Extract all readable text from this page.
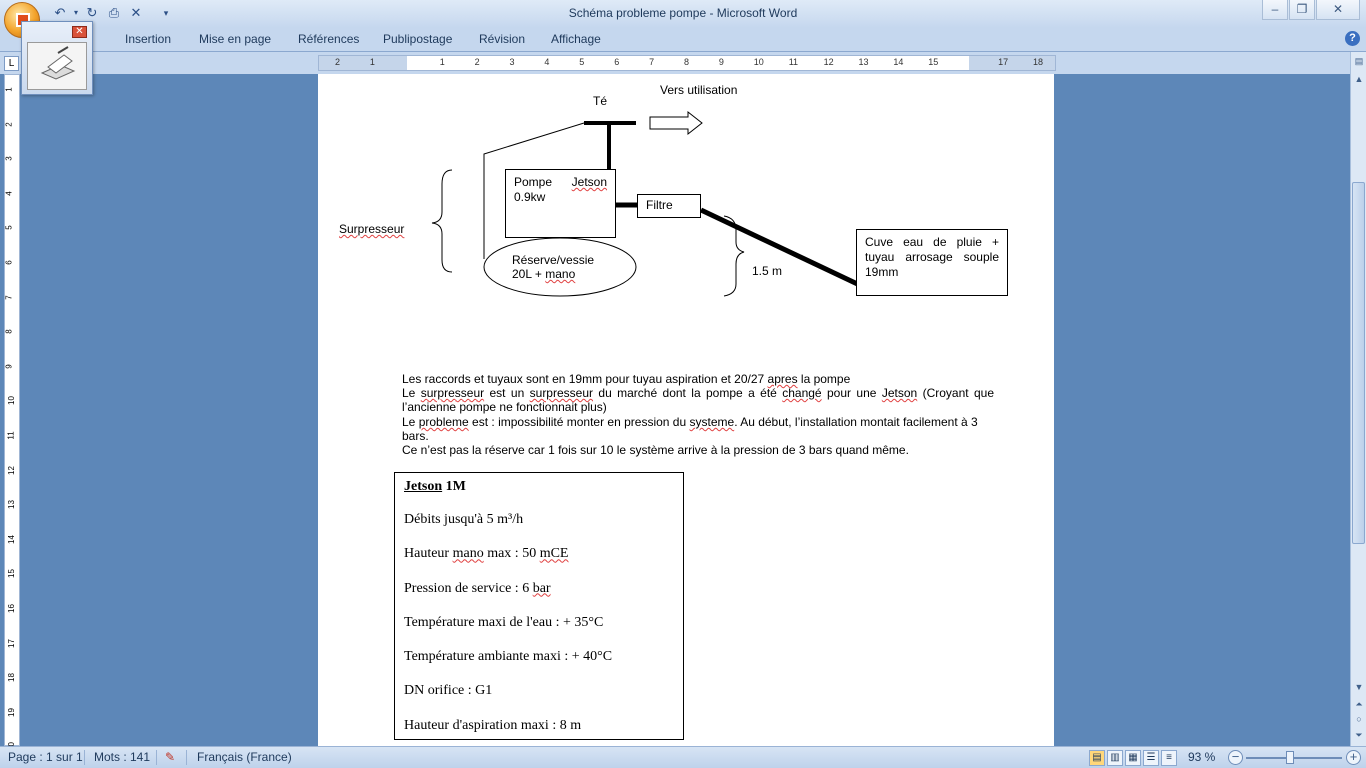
Schéma probleme pompe - Microsoft Word
↶	▾ ↻ ⎙ ✕	▾	–	❐	✕
Insertion Mise en page Références Publipostage Révision Affichage	?
L	2	1	1	2	3	4	5	6	7	8	9	10	11	12	13	14	15	17	18
1
2
3
4
5
6
7
8
9
10
11
12
13
14
15
16
17
18
19
Té
Vers utilisation
Pompe Jetson
0.9kw
Filtre
Surpresseur
Réserve/vessie
20L + mano	1.5 m
Cuve eau de pluie + tuyau arrosage souple 19mm
Les raccords et tuyaux sont en 19mm pour tuyau aspiration et 20/27 apres la pompe
Le surpresseur est un surpresseur du marché dont la pompe a été changé pour une Jetson (Croyant que l’ancienne pompe ne fonctionnait plus)
Le probleme est : impossibilité monter en pression du systeme. Au début, l’installation montait facilement à 3 bars.
Ce n’est pas la réserve car 1 fois sur 10 le système arrive à la pression de 3 bars quand même.
Jetson 1M
Débits jusqu'à 5 m³/h
Hauteur mano max : 50 mCE
Pression de service : 6 bar
Température maxi de l'eau : + 35°C
Température ambiante maxi : + 40°C
DN orifice : G1
Hauteur d'aspiration maxi : 8 m
▤
▲
▼
⏶
○
⏷
✕
Page : 1 sur 1 Mots : 141 ✎ Français (France)	▤ ▥ ▦ ☰	≡	93 % −	+
